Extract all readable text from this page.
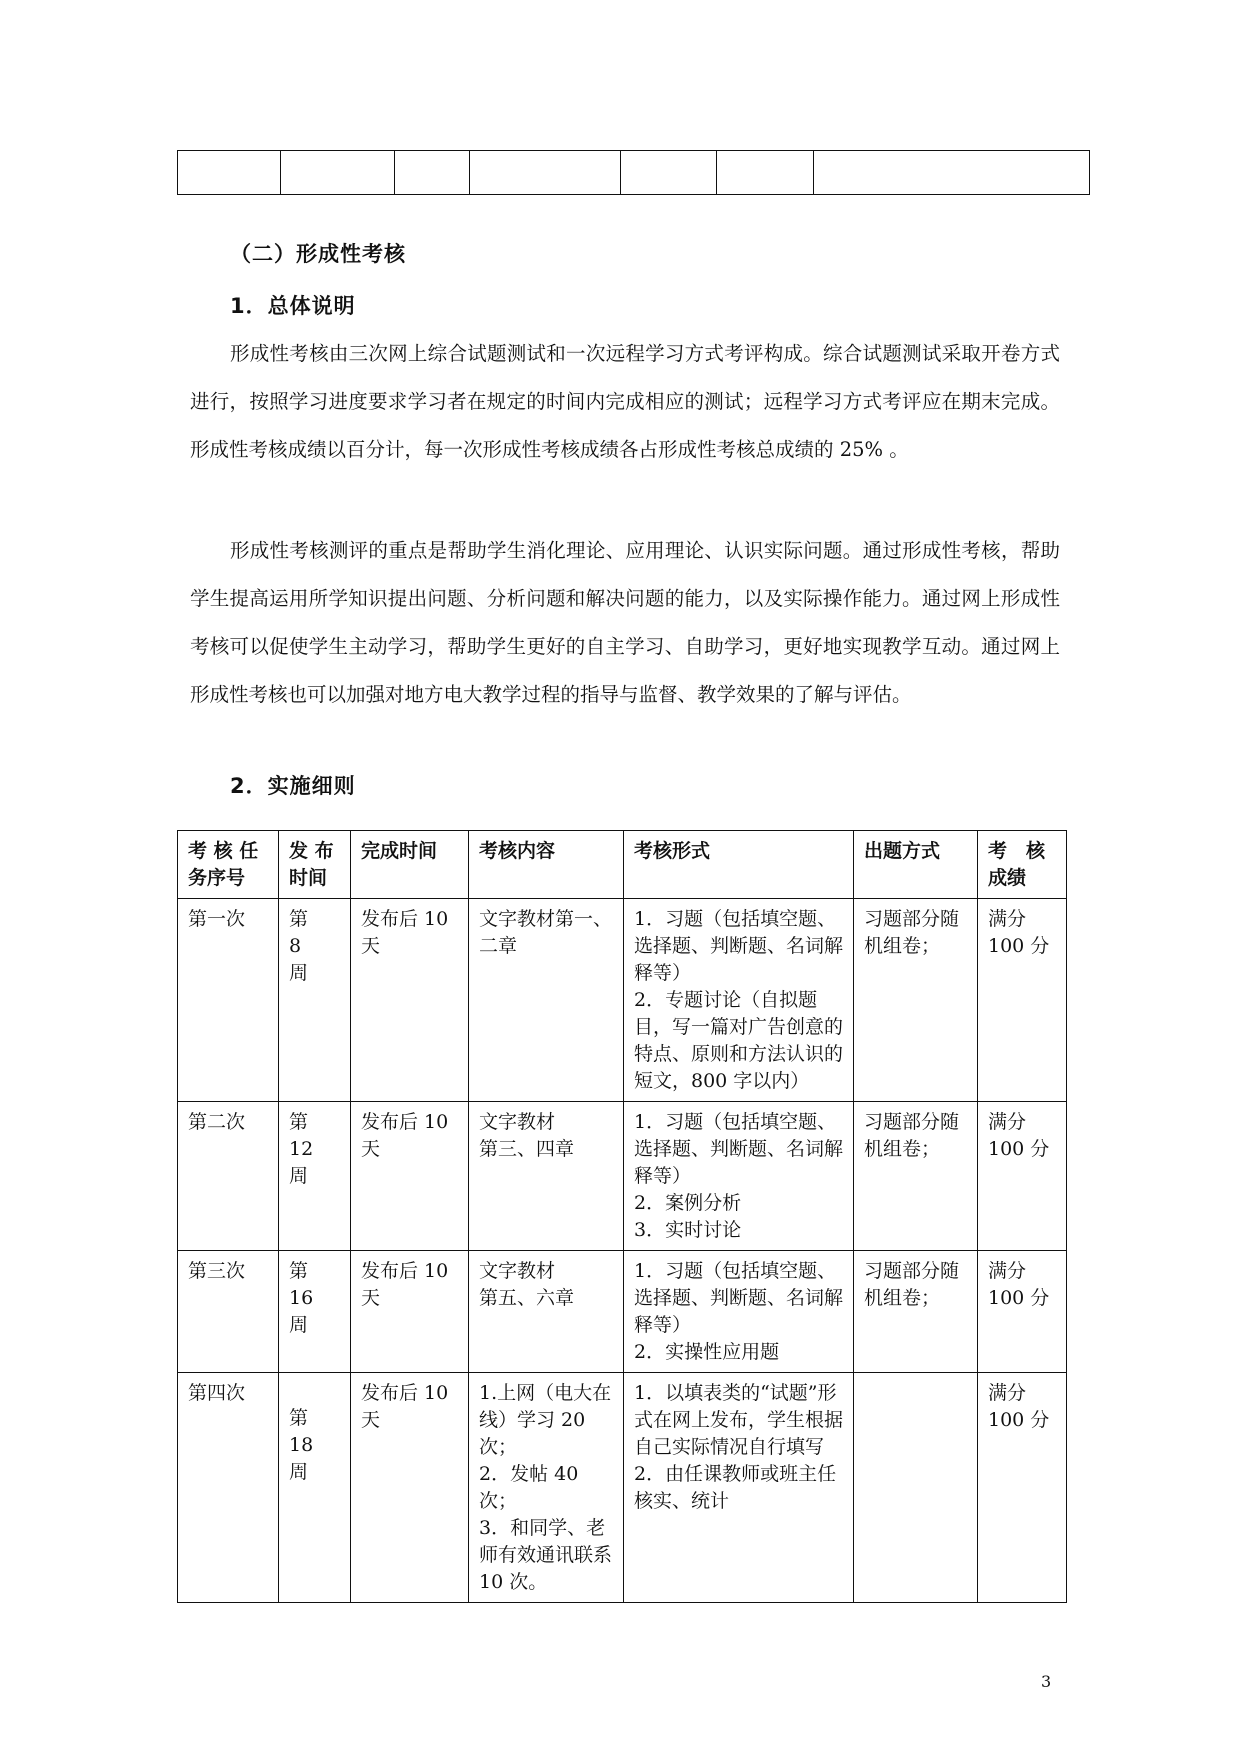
（二）形成性考核
1．总体说明
形成性考核由三次网上综合试题测试和一次远程学习方式考评构成。综合试题测试采取开卷方式进行，按照学习进度要求学习者在规定的时间内完成相应的测试；远程学习方式考评应在期末完成。形成性考核成绩以百分计，每一次形成性考核成绩各占形成性考核总成绩的 25% 。
形成性考核测评的重点是帮助学生消化理论、应用理论、认识实际问题。通过形成性考核，帮助学生提高运用所学知识提出问题、分析问题和解决问题的能力，以及实际操作能力。通过网上形成性考核可以促使学生主动学习，帮助学生更好的自主学习、自助学习，更好地实现教学互动。通过网上形成性考核也可以加强对地方电大教学过程的指导与监督、教学效果的了解与评估。
2．实施细则
考 核 任务序号	发 布时间	完成时间	考核内容	考核形式	出题方式	考　核成绩
第一次	第
8
周	发布后 10 天	文字教材第一、二章	1．习题（包括填空题、选择题、判断题、名词解释等）
2．专题讨论（自拟题目，写一篇对广告创意的特点、原则和方法认识的短文，800 字以内）	习题部分随机组卷；	满分 100 分
第二次	第
12
周	发布后 10 天	文字教材
第三、四章	1．习题（包括填空题、选择题、判断题、名词解释等）
2．案例分析
3．实时讨论	习题部分随机组卷；	满分 100 分
第三次	第
16
周	发布后 10 天	文字教材
第五、六章	1．习题（包括填空题、选择题、判断题、名词解释等）
2．实操性应用题	习题部分随机组卷；	满分 100 分
第四次	第
18
周	发布后 10 天	1.上网（电大在线）学习 20 次；
2．发帖 40 次；
3．和同学、老师有效通讯联系 10 次。	1．以填表类的“试题”形式在网上发布，学生根据自己实际情况自行填写
2．由任课教师或班主任核实、统计		满分 100 分
3
